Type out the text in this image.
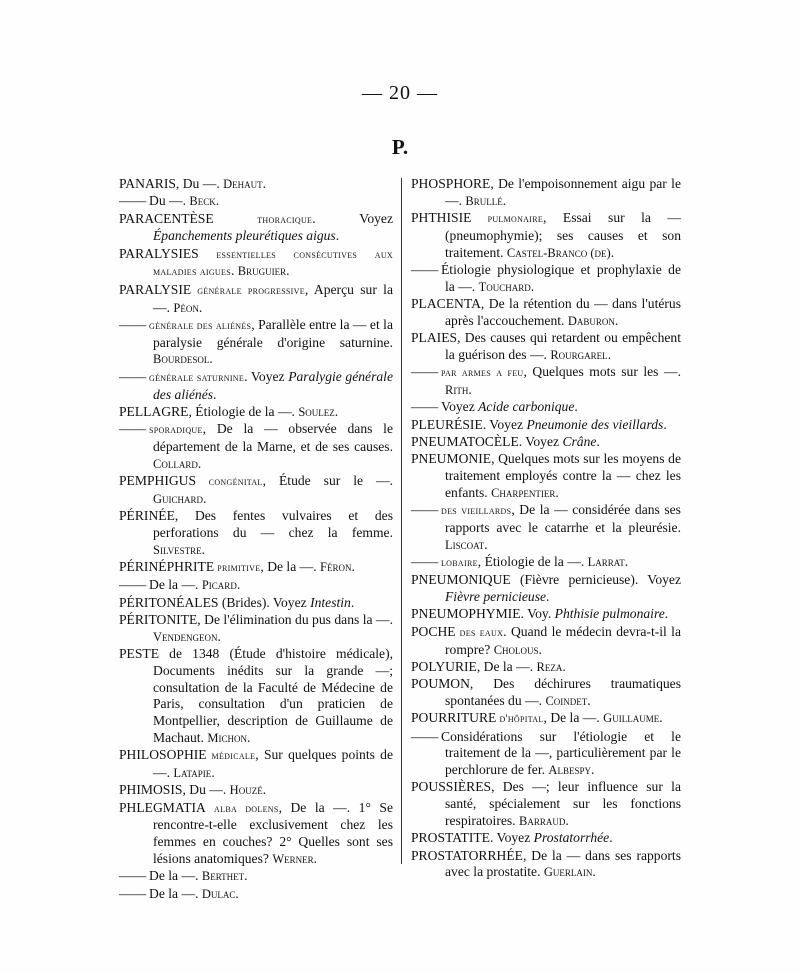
— 20 —
P.

PANARIS, Du —. Dehaut.

—— Du —. Beck.

PARACENTÈSE thoracique. Voyez Épanchements pleurétiques aigus.

PARALYSIES essentielles consécutives aux maladies aigues. Bruguier.

PARALYSIE générale progressive, Aperçu sur la —. Péon.

—— générale des aliénés, Parallèle entre la — et la paralysie générale d'origine saturnine. Bourdesol.

—— générale saturnine. Voyez Paralygie générale des aliénés.

PELLAGRE, Étiologie de la —. Soulez.

—— sporadique, De la — observée dans le département de la Marne, et de ses causes. Collard.

PEMPHIGUS congénital, Étude sur le —. Guichard.

PÉRINÉE, Des fentes vulvaires et des perforations du — chez la femme. Silvestre.

PÉRINÉPHRITE primitive, De la —. Féron.

—— De la —. Picard.

PÉRITONÉALES (Brides). Voyez Intestin.

PÉRITONITE, De l'élimination du pus dans la —. Vendengeon.

PESTE de 1348 (Étude d'histoire médicale), Documents inédits sur la grande —; consultation de la Faculté de Médecine de Paris, consultation d'un praticien de Montpellier, description de Guillaume de Machaut. Michon.

PHILOSOPHIE médicale, Sur quelques points de —. Latapie.

PHIMOSIS, Du —. Houzé.

PHLEGMATIA alba dolens, De la —. 1° Se rencontre-t-elle exclusivement chez les femmes en couches? 2° Quelles sont ses lésions anatomiques? Werner.

—— De la —. Berthet.

—— De la —. Dulac.

PHOSPHORE, De l'empoisonnement aigu par le —. Brullé.

PHTHISIE pulmonaire, Essai sur la — (pneumophymie); ses causes et son traitement. Castel-Branco (de).

—— Étiologie physiologique et prophylaxie de la —. Touchard.

PLACENTA, De la rétention du — dans l'utérus après l'accouchement. Daburon.

PLAIES, Des causes qui retardent ou empêchent la guérison des —. Rourgarel.

—— par armes a feu, Quelques mots sur les —. Rith.

—— Voyez Acide carbonique.

PLEURÉSIE. Voyez Pneumonie des vieillards.

PNEUMATOCÈLE. Voyez Crâne.

PNEUMONIE, Quelques mots sur les moyens de traitement employés contre la — chez les enfants. Charpentier.

—— des vieillards, De la — considérée dans ses rapports avec le catarrhe et la pleurésie. Liscoat.

—— lobaire, Étiologie de la —. Larrat.

PNEUMONIQUE (Fièvre pernicieuse). Voyez Fièvre pernicieuse.

PNEUMOPHYMIE. Voy. Phthisie pulmonaire.

POCHE des eaux. Quand le médecin devra-t-il la rompre? Cholous.

POLYURIE, De la —. Reza.

POUMON, Des déchirures traumatiques spontanées du —. Coindet.

POURRITURE d'hôpital, De la —. Guillaume.

—— Considérations sur l'étiologie et le traitement de la —, particulièrement par le perchlorure de fer. Albespy.

POUSSIÈRES, Des —; leur influence sur la santé, spécialement sur les fonctions respiratoires. Barraud.

PROSTATITE. Voyez Prostatorrhée.

PROSTATORRHÉE, De la — dans ses rapports avec la prostatite. Guerlain.
